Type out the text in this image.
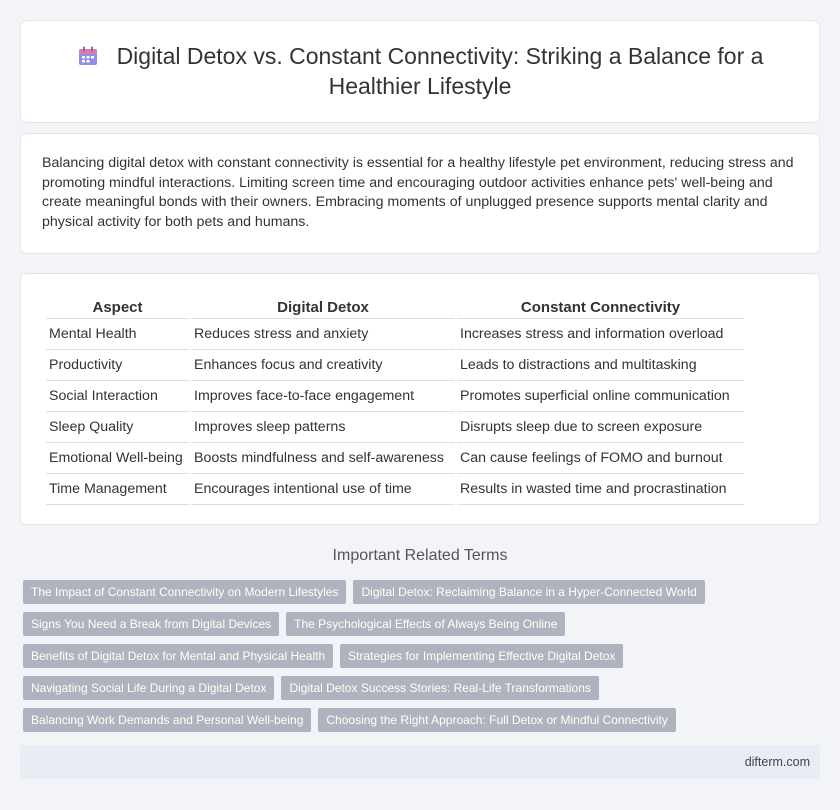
Digital Detox vs. Constant Connectivity: Striking a Balance for a Healthier Lifestyle

Balancing digital detox with constant connectivity is essential for a healthy lifestyle pet environment, reducing stress and promoting mindful interactions. Limiting screen time and encouraging outdoor activities enhance pets' well-being and create meaningful bonds with their owners. Embracing moments of unplugged presence supports mental clarity and physical activity for both pets and humans.

Aspect	Digital Detox	Constant Connectivity
Mental Health	Reduces stress and anxiety	Increases stress and information overload
Productivity	Enhances focus and creativity	Leads to distractions and multitasking
Social Interaction	Improves face-to-face engagement	Promotes superficial online communication
Sleep Quality	Improves sleep patterns	Disrupts sleep due to screen exposure
Emotional Well-being	Boosts mindfulness and self-awareness	Can cause feelings of FOMO and burnout
Time Management	Encourages intentional use of time	Results in wasted time and procrastination
Important Related Terms
The Impact of Constant Connectivity on Modern Lifestyles	Digital Detox: Reclaiming Balance in a Hyper-Connected World
Signs You Need a Break from Digital Devices	The Psychological Effects of Always Being Online
Benefits of Digital Detox for Mental and Physical Health	Strategies for Implementing Effective Digital Detox
Navigating Social Life During a Digital Detox	Digital Detox Success Stories: Real-Life Transformations
Balancing Work Demands and Personal Well-being	Choosing the Right Approach: Full Detox or Mindful Connectivity
difterm.com
